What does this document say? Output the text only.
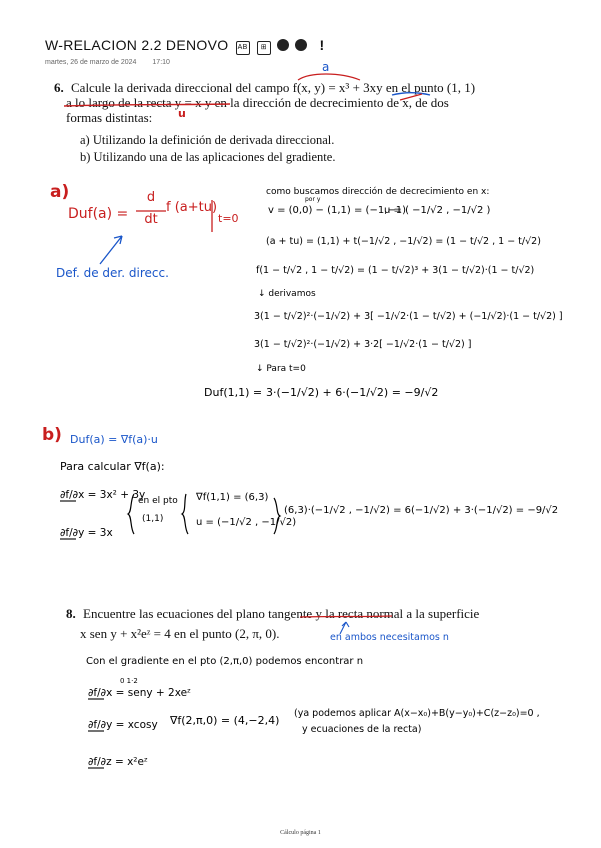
W-RELACION 2.2 DENOVO AB ⊞	!
martes, 26 de marzo de 2024 17:10
6. Calcule la derivada direccional del campo f(x, y) = x³ + 3xy en el punto (1, 1)
a lo largo de la recta y = x y en la dirección de decrecimiento de x, de dos
formas distintas:
a) Utilizando la definición de derivada direccional.
b) Utilizando una de las aplicaciones del gradiente.
a
u
a)
Duf(a) =
d
dt
f (a+tu)
t=0
Def. de der. direcc.
como buscamos dirección de decrecimiento en x:
por y
v = (0,0) − (1,1) = (−1,−1)
u = ( −1/√2 , −1/√2 )
(a + tu) = (1,1) + t(−1/√2 , −1/√2) = (1 − t/√2 , 1 − t/√2)
f(1 − t/√2 , 1 − t/√2) = (1 − t/√2)³ + 3(1 − t/√2)·(1 − t/√2)
↓ derivamos
3(1 − t/√2)²·(−1/√2) + 3[ −1/√2·(1 − t/√2) + (−1/√2)·(1 − t/√2) ]
3(1 − t/√2)²·(−1/√2) + 3·2[ −1/√2·(1 − t/√2) ]
↓ Para t=0
Duf(1,1) = 3·(−1/√2) + 6·(−1/√2) = −9/√2
b) Duf(a) = ∇f(a)·u
Para calcular ∇f(a):
∂f/∂x = 3x² + 3y
∂f/∂y = 3x
en el pto
(1,1)
∇f(1,1) = (6,3)
u = (−1/√2 , −1/√2)
(6,3)·(−1/√2 , −1/√2) = 6(−1/√2) + 3·(−1/√2) = −9/√2
8. Encuentre las ecuaciones del plano tangente y la recta normal a la superficie
x sen y + x²eᶻ = 4 en el punto (2, π, 0).	en ambos necesitamos n
Con el gradiente en el pto (2,π,0) podemos encontrar n
0 1·2
∂f/∂x = seny + 2xeᶻ
∂f/∂y = xcosy
∂f/∂z = x²eᶻ
∇f(2,π,0) = (4,−2,4)
(ya podemos aplicar A(x−x₀)+B(y−y₀)+C(z−z₀)=0 ,
y ecuaciones de la recta)
Cálculo página 1
